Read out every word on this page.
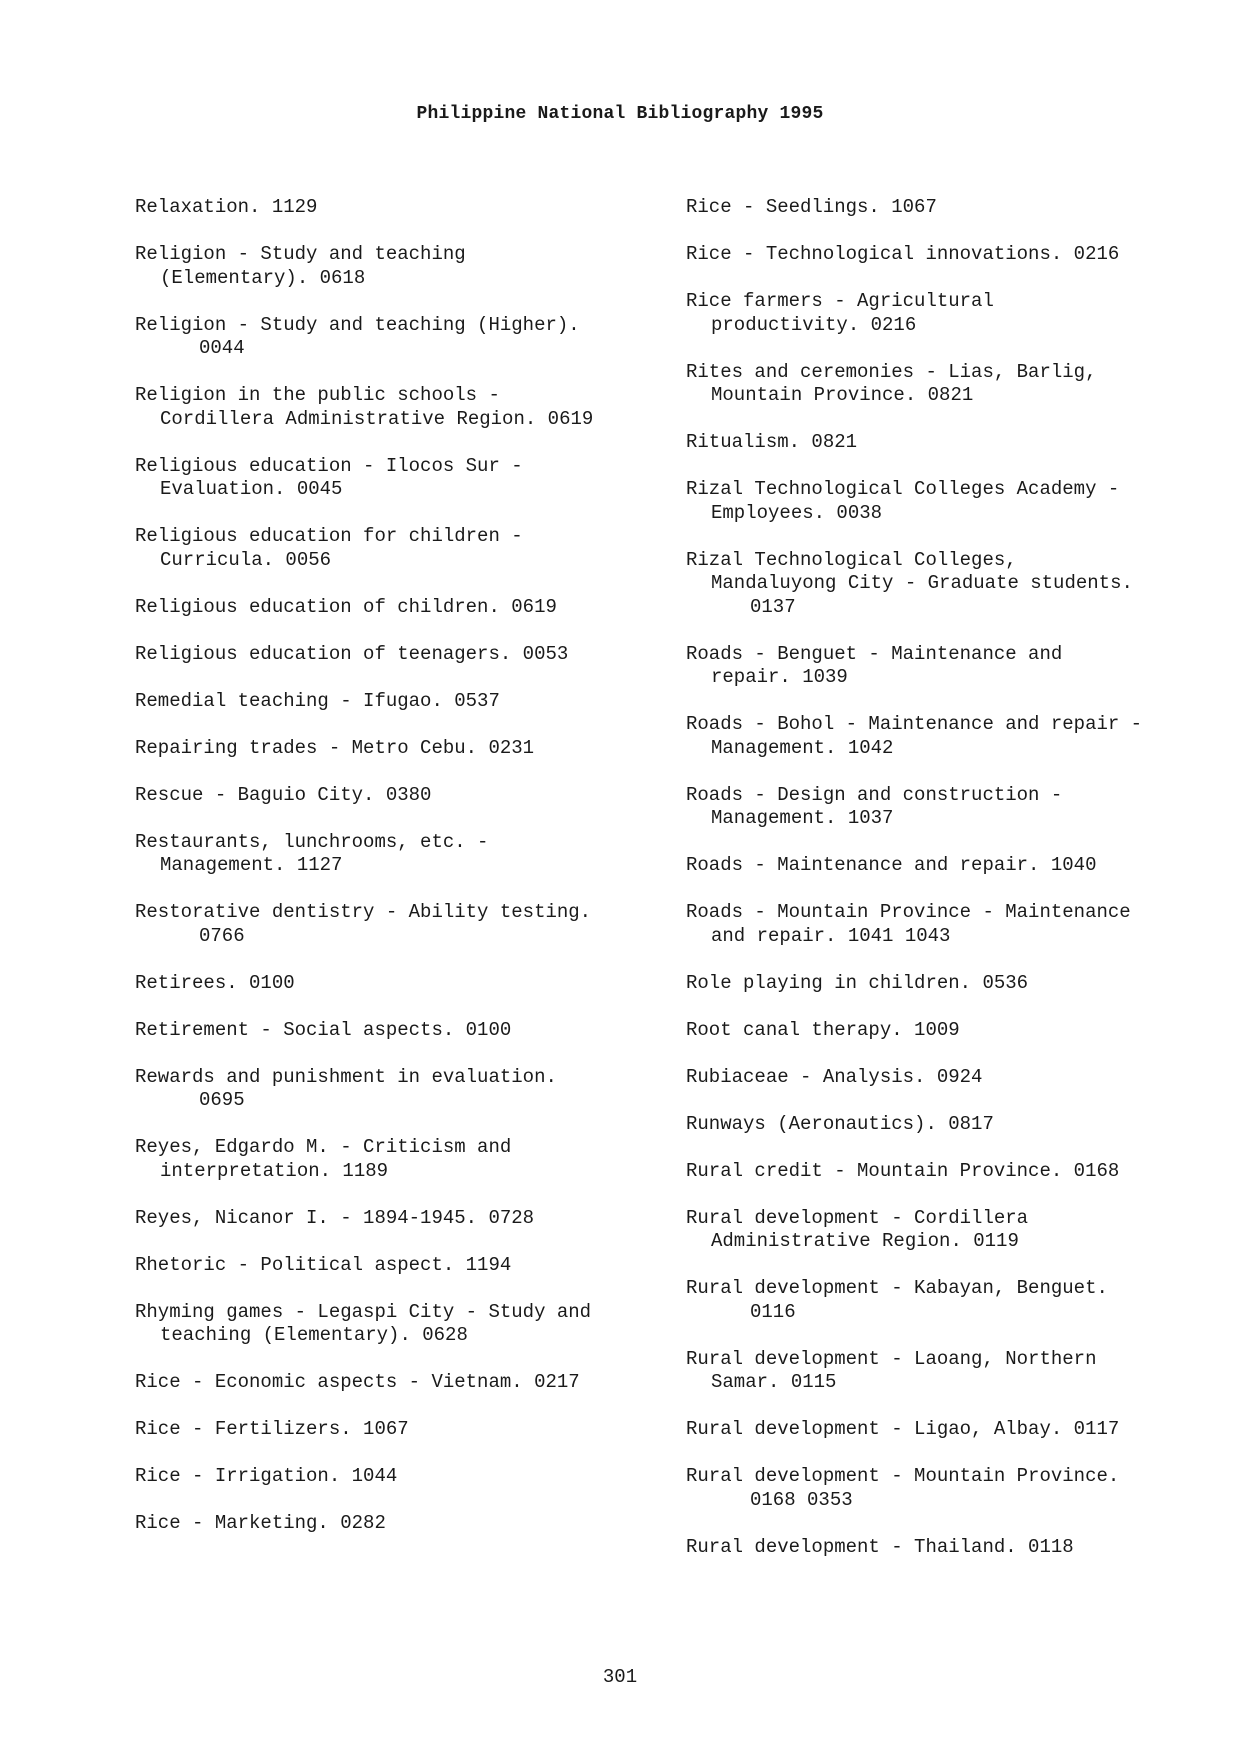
Philippine National Bibliography 1995
Relaxation. 1129
Religion - Study and teaching
(Elementary). 0618
Religion - Study and teaching (Higher).
0044
Religion in the public schools -
Cordillera Administrative Region. 0619
Religious education - Ilocos Sur -
Evaluation. 0045
Religious education for children -
Curricula. 0056
Religious education of children. 0619
Religious education of teenagers. 0053
Remedial teaching - Ifugao. 0537
Repairing trades - Metro Cebu. 0231
Rescue - Baguio City. 0380
Restaurants, lunchrooms, etc. -
Management. 1127
Restorative dentistry - Ability testing.
0766
Retirees. 0100
Retirement - Social aspects. 0100
Rewards and punishment in evaluation.
0695
Reyes, Edgardo M. - Criticism and
interpretation. 1189
Reyes, Nicanor I. - 1894-1945. 0728
Rhetoric - Political aspect. 1194
Rhyming games - Legaspi City - Study and
teaching (Elementary). 0628
Rice - Economic aspects - Vietnam. 0217
Rice - Fertilizers. 1067
Rice - Irrigation. 1044
Rice - Marketing. 0282
Rice - Seedlings. 1067
Rice - Technological innovations. 0216
Rice farmers - Agricultural
productivity. 0216
Rites and ceremonies - Lias, Barlig,
Mountain Province. 0821
Ritualism. 0821
Rizal Technological Colleges Academy -
Employees. 0038
Rizal Technological Colleges,
Mandaluyong City - Graduate students.
0137
Roads - Benguet - Maintenance and
repair. 1039
Roads - Bohol - Maintenance and repair -
Management. 1042
Roads - Design and construction -
Management. 1037
Roads - Maintenance and repair. 1040
Roads - Mountain Province - Maintenance
and repair. 1041 1043
Role playing in children. 0536
Root canal therapy. 1009
Rubiaceae - Analysis. 0924
Runways (Aeronautics). 0817
Rural credit - Mountain Province. 0168
Rural development - Cordillera
Administrative Region. 0119
Rural development - Kabayan, Benguet.
0116
Rural development - Laoang, Northern
Samar. 0115
Rural development - Ligao, Albay. 0117
Rural development - Mountain Province.
0168 0353
Rural development - Thailand. 0118
301
